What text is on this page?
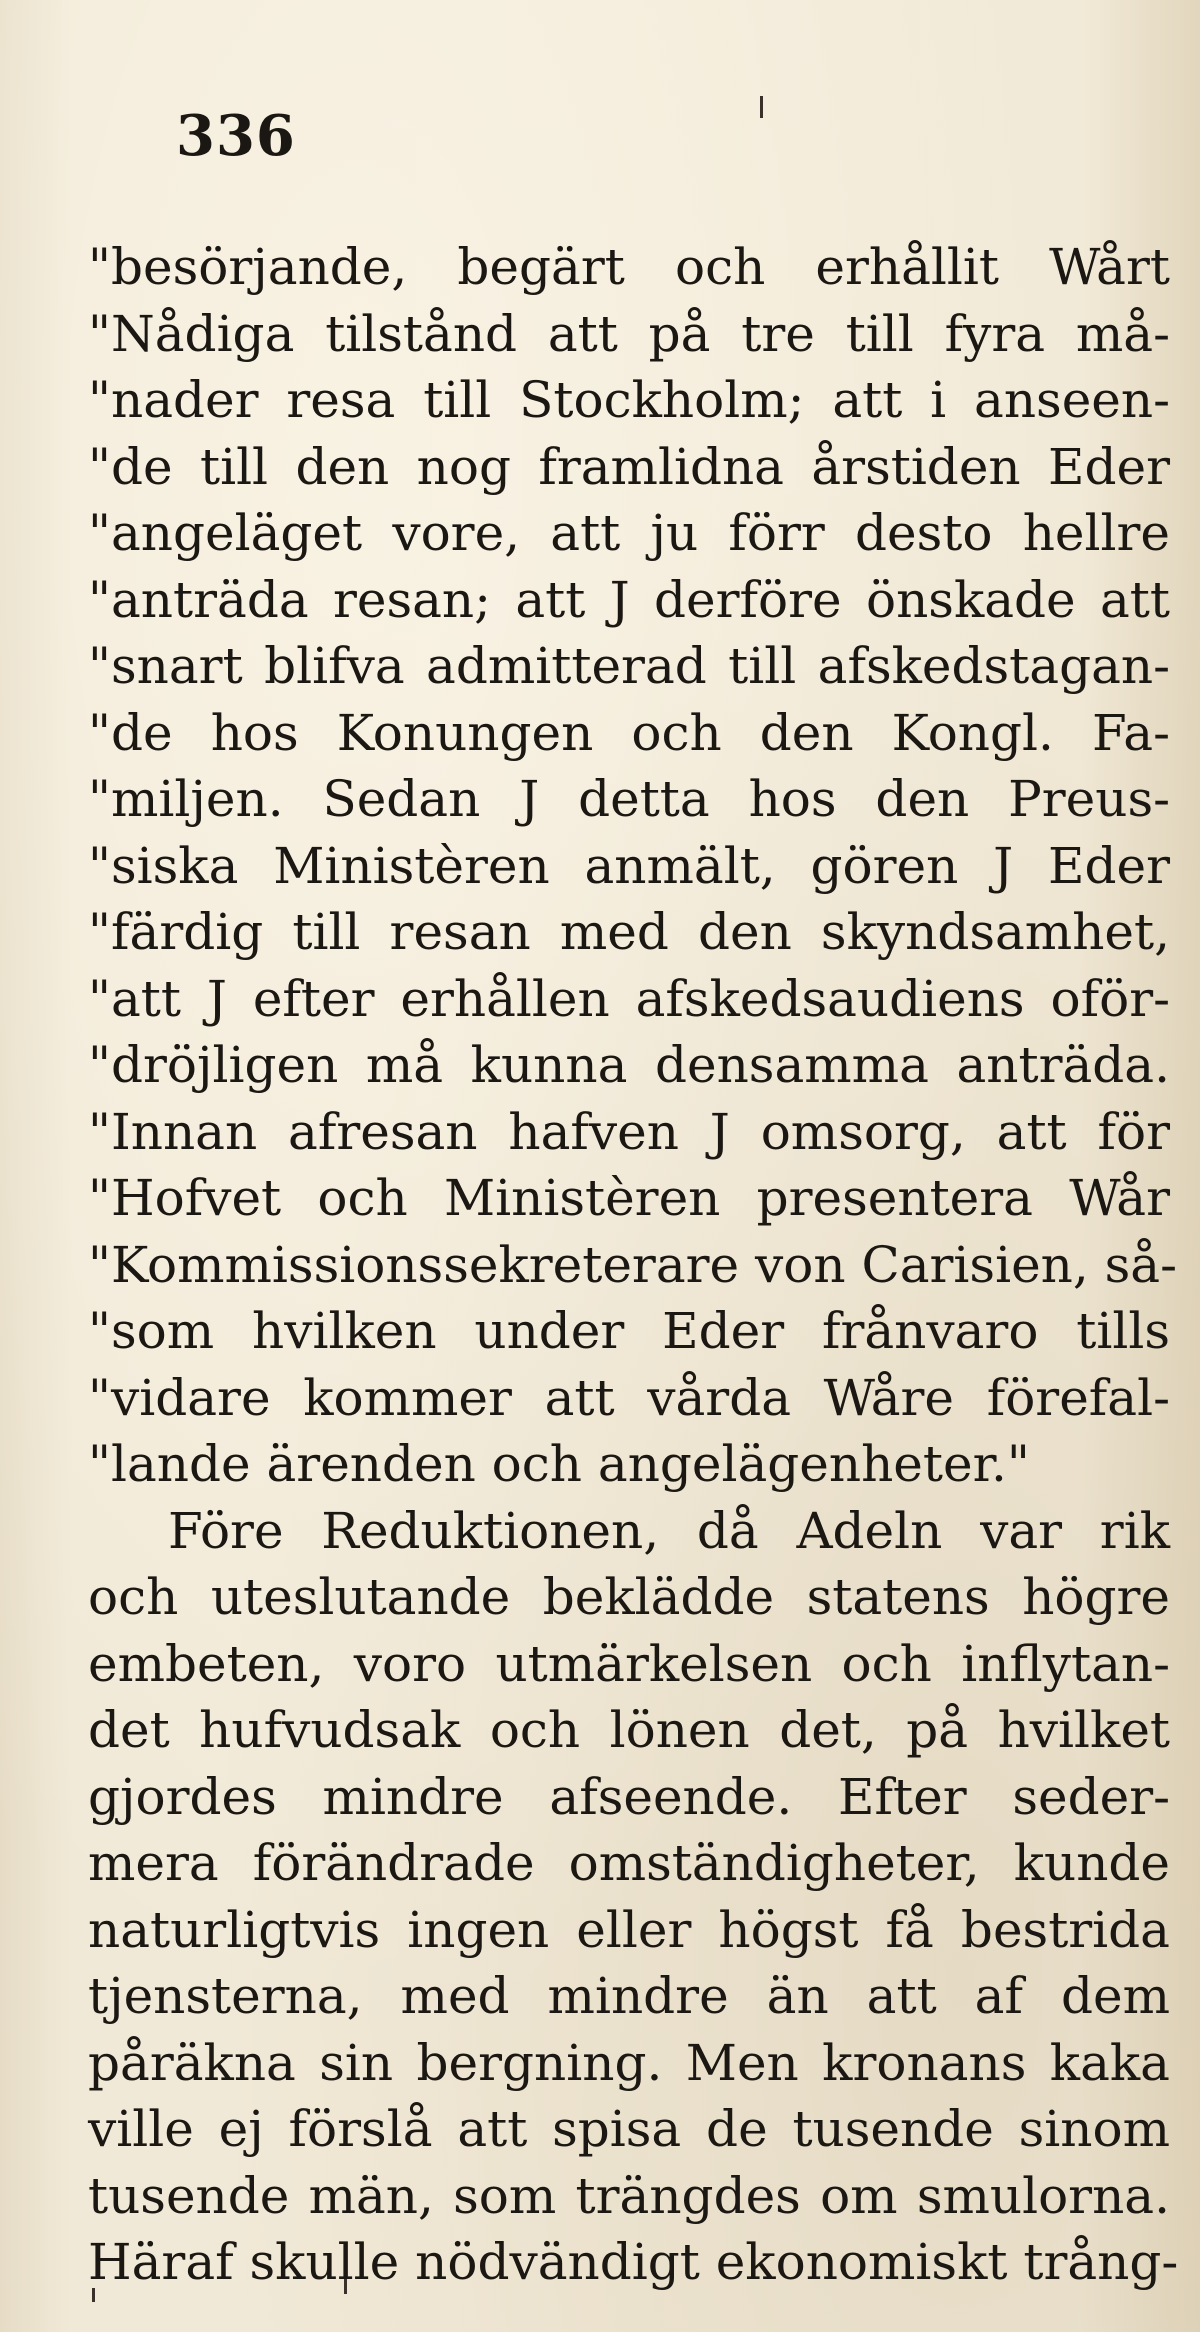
336
"besörjande, begärt och erhållit Wårt
"Nådiga tilstånd att på tre till fyra må-
"nader resa till Stockholm; att i anseen-
"de till den nog framlidna årstiden Eder
"angeläget vore, att ju förr desto hellre
"anträda resan; att J derföre önskade att
"snart blifva admitterad till afskedstagan-
"de hos Konungen och den Kongl. Fa-
"miljen. Sedan J detta hos den Preus-
"siska Ministèren anmält, gören J Eder
"färdig till resan med den skyndsamhet,
"att J efter erhållen afskedsaudiens oför-
"dröjligen må kunna densamma anträda.
"Innan afresan hafven J omsorg, att för
"Hofvet och Ministèren presentera Wår
"Kommissionssekreterare von Carisien, så-
"som hvilken under Eder frånvaro tills
"vidare kommer att vårda Wåre förefal-
"lande ärenden och angelägenheter."
Före Reduktionen, då Adeln var rik
och uteslutande beklädde statens högre
embeten, voro utmärkelsen och inflytan-
det hufvudsak och lönen det, på hvilket
gjordes mindre afseende. Efter seder-
mera förändrade omständigheter, kunde
naturligtvis ingen eller högst få bestrida
tjensterna, med mindre än att af dem
påräkna sin bergning. Men kronans kaka
ville ej förslå att spisa de tusende sinom
tusende män, som trängdes om smulorna.
Häraf skulle nödvändigt ekonomiskt trång-
